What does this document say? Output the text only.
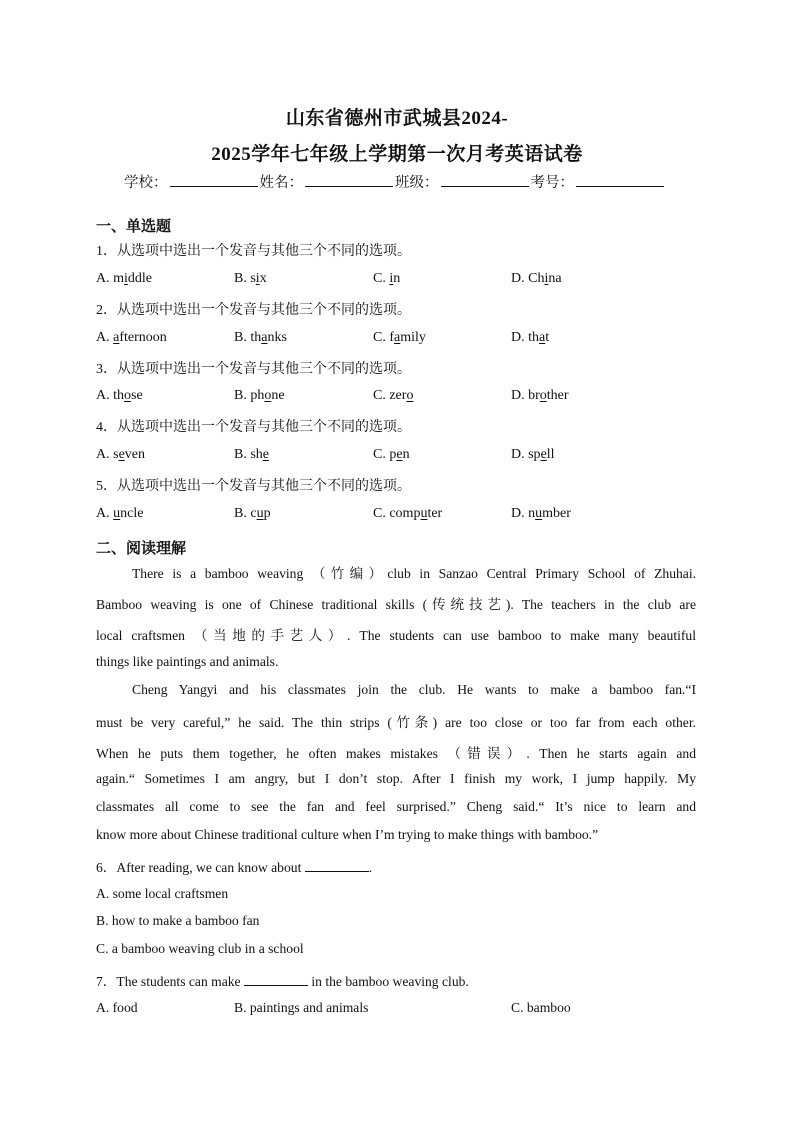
山东省德州市武城县2024-
2025学年七年级上学期第一次月考英语试卷
学校：	姓名：	班级：	考号：
一、单选题
1．从选项中选出一个发音与其他三个不同的选项。
A. middle	B. six	C. in	D. China
2．从选项中选出一个发音与其他三个不同的选项。
A. afternoon	B. thanks	C. family	D. that
3．从选项中选出一个发音与其他三个不同的选项。
A. those	B. phone	C. zero	D. brother
4．从选项中选出一个发音与其他三个不同的选项。
A. seven	B. she	C. pen	D. spell
5．从选项中选出一个发音与其他三个不同的选项。
A. uncle	B. cup	C. computer	D. number
二、阅读理解
There is a bamboo weaving （竹编）club in Sanzao Central Primary School of Zhuhai.
Bamboo weaving is one of Chinese traditional skills (传统技艺). The teachers in the club are
local craftsmen （当地的手艺人）. The students can use bamboo to make many beautiful
things like paintings and animals.
Cheng Yangyi and his classmates join the club. He wants to make a bamboo fan.“I
must be very careful,” he said. The thin strips (竹条) are too close or too far from each other.
When he puts them together, he often makes mistakes （错误）. Then he starts again and
again.“ Sometimes I am angry, but I don’t stop. After I finish my work, I jump happily. My
classmates all come to see the fan and feel surprised.” Cheng said.“ It’s nice to learn and
know more about Chinese traditional culture when I’m trying to make things with bamboo.”
6．After reading, we can know about	.
A. some local craftsmen
B. how to make a bamboo fan
C. a bamboo weaving club in a school
7．The students can make	in the bamboo weaving club.
A. food	B. paintings and animals	C. bamboo
